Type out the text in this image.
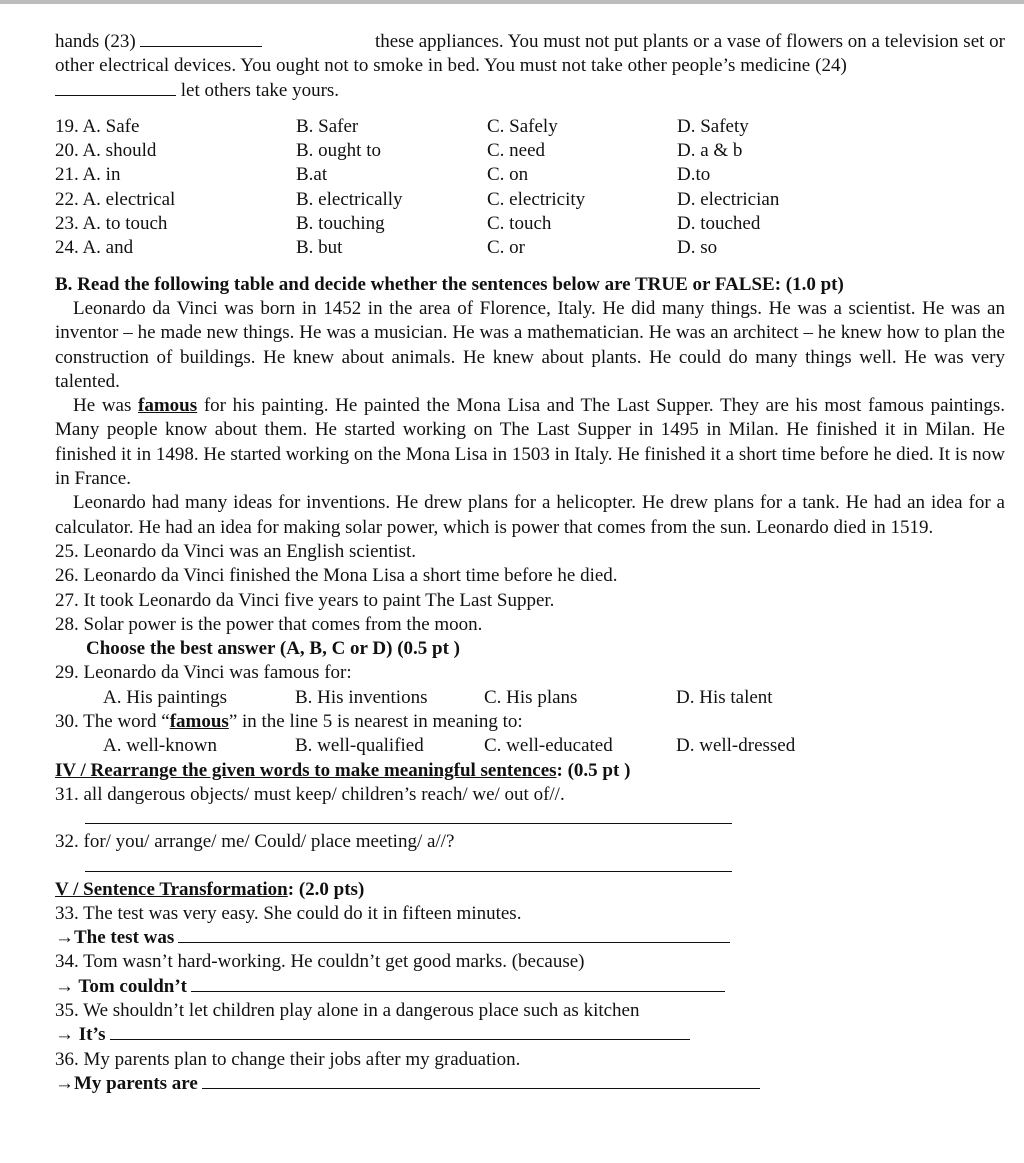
hands (23)	these appliances. You must not put plants or a vase of flowers on a television set or
other electrical devices. You ought not to smoke in bed. You must not take other people’s medicine (24)
let others take yours.
19. A. Safe	B. Safer	C. Safely	D. Safety
20. A. should	B. ought to	C. need	D. a & b
21. A. in	B.at	C. on	D.to
22. A. electrical	B. electrically	C. electricity	D. electrician
23. A. to touch	B. touching	C. touch	D. touched
24. A. and	B. but	C. or	D. so
B. Read the following table and decide whether the sentences below are TRUE or FALSE: (1.0 pt)
Leonardo da Vinci was born in 1452 in the area of Florence, Italy. He did many things. He was a scientist. He was an inventor – he made new things. He was a musician. He was a mathematician. He was an architect – he knew how to plan the construction of buildings. He knew about animals. He knew about plants. He could do many things well. He was very talented.
He was famous for his painting. He painted the Mona Lisa and The Last Supper. They are his most famous paintings. Many people know about them. He started working on The Last Supper in 1495 in Milan. He finished it in Milan. He finished it in 1498. He started working on the Mona Lisa in 1503 in Italy. He finished it a short time before he died. It is now in France.
Leonardo had many ideas for inventions. He drew plans for a helicopter. He drew plans for a tank. He had an idea for a calculator. He had an idea for making solar power, which is power that comes from the sun. Leonardo died in 1519.
25. Leonardo da Vinci was an English scientist.
26. Leonardo da Vinci finished the Mona Lisa a short time before he died.
27. It took Leonardo da Vinci five years to paint The Last Supper.
28. Solar power is the power that comes from the moon.
Choose the best answer (A, B, C or D) (0.5 pt )
29. Leonardo da Vinci was famous for:
A. His paintings	B. His inventions	C. His plans	D. His talent
30. The word “famous” in the line 5 is nearest in meaning to:
A. well-known	B. well-qualified	C. well-educated	D. well-dressed
IV / Rearrange the given words to make meaningful sentences: (0.5 pt )
31. all dangerous objects/ must keep/ children’s reach/ we/ out of//.
32. for/ you/ arrange/ me/ Could/ place meeting/ a//?
V / Sentence Transformation: (2.0 pts)
33. The test was very easy. She could do it in fifteen minutes.
→The test was
34. Tom wasn’t hard-working. He couldn’t get good marks. (because)
→ Tom couldn’t
35. We shouldn’t let children play alone in a dangerous place such as kitchen
→ It’s
36. My parents plan to change their jobs after my graduation.
→My parents are
